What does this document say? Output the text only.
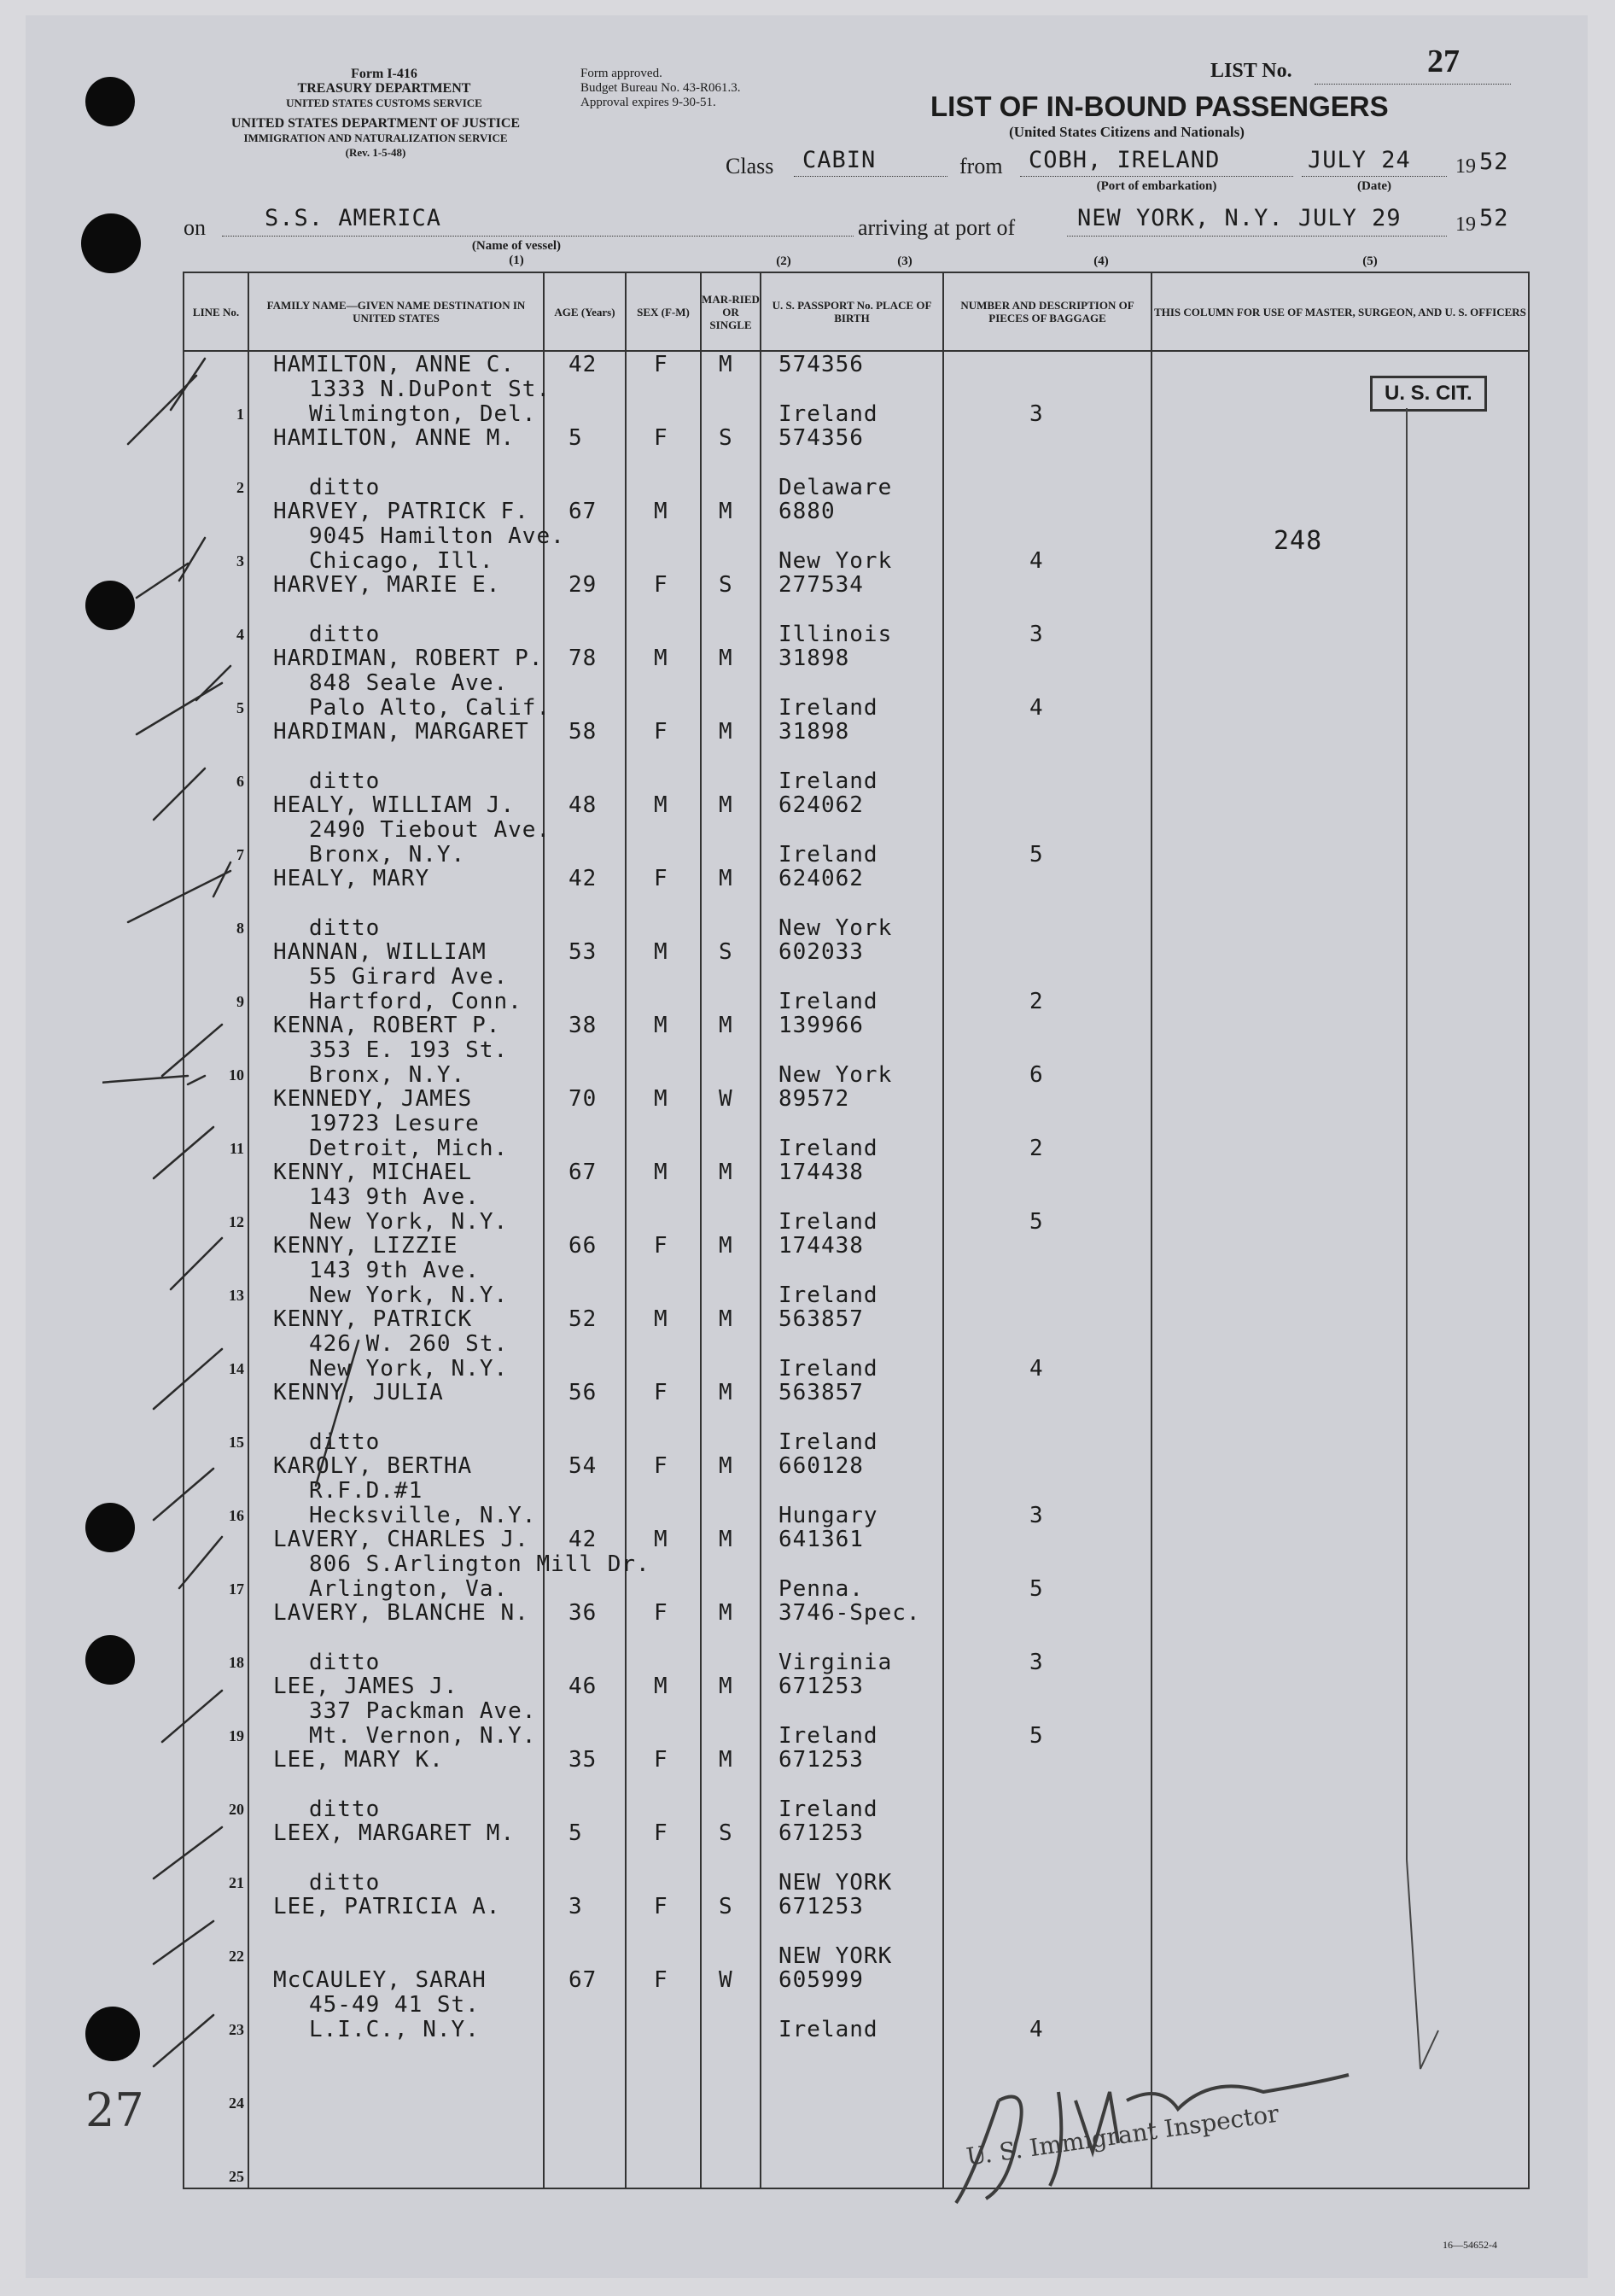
Form I-416
TREASURY DEPARTMENT
UNITED STATES CUSTOMS SERVICE
UNITED STATES DEPARTMENT OF JUSTICE
IMMIGRATION AND NATURALIZATION SERVICE
(Rev. 1-5-48)
Form approved.
Budget Bureau No. 43-R061.3.
Approval expires 9-30-51.
LIST No.	27
LIST OF IN-BOUND PASSENGERS
(United States Citizens and Nationals)
Class CABIN	from COBH, IRELAND
(Port of embarkation)
JULY 24
(Date)
19 52
on	S.S. AMERICA
(Name of vessel)
(1)
arriving at port of	NEW YORK, N.Y. JULY 29	19 52
(2)	(3)	(4)	(5)
LINE No.	FAMILY NAME—GIVEN NAME DESTINATION IN UNITED STATES	AGE (Years)	SEX (F-M)	MAR-RIED OR SINGLE	U. S. PASSPORT No. PLACE OF BIRTH	NUMBER AND DESCRIPTION OF PIECES OF BAGGAGE	THIS COLUMN FOR USE OF MASTER, SURGEON, AND U. S. OFFICERS

1	HAMILTON, ANNE C.
1333 N.DuPont St.
Wilmington, Del.	42	F	M	574356
Ireland	3	

2	HAMILTON, ANNE M.
ditto	5	F	S	574356
Delaware		

3	HARVEY, PATRICK F.
9045 Hamilton Ave.
Chicago, Ill.	67	M	M	6880
New York	4	

4	HARVEY, MARIE E.
ditto	29	F	S	277534
Illinois	3	

5	HARDIMAN, ROBERT P.
848 Seale Ave.
Palo Alto, Calif.	78	M	M	31898
Ireland	4	

6	HARDIMAN, MARGARET
ditto	58	F	M	31898
Ireland		

7	HEALY, WILLIAM J.
2490 Tiebout Ave.
Bronx, N.Y.	48	M	M	624062
Ireland	5	

8	HEALY, MARY
ditto	42	F	M	624062
New York		

9	HANNAN, WILLIAM
55 Girard Ave.
Hartford, Conn.	53	M	S	602033
Ireland	2	

10	KENNA, ROBERT P.
353 E. 193 St.
Bronx, N.Y.	38	M	M	139966
New York	6	

11	KENNEDY, JAMES
19723 Lesure
Detroit, Mich.	70	M	W	89572
Ireland	2	

12	KENNY, MICHAEL
143 9th Ave.
New York, N.Y.	67	M	M	174438
Ireland	5	

13	KENNY, LIZZIE
143 9th Ave.
New York, N.Y.	66	F	M	174438
Ireland		

14	KENNY, PATRICK
426 W. 260 St.
New York, N.Y.	52	M	M	563857
Ireland	4	

15	KENNY, JULIA
ditto	56	F	M	563857
Ireland		

16	KAROLY, BERTHA
R.F.D.#1
Hecksville, N.Y.	54	F	M	660128
Hungary	3	

17	LAVERY, CHARLES J.
806 S.Arlington Mill Dr.
Arlington, Va.	42	M	M	641361
Penna.	5	

18	LAVERY, BLANCHE N.
ditto	36	F	M	3746-Spec.
Virginia	3	

19	LEE, JAMES J.
337 Packman Ave.
Mt. Vernon, N.Y.	46	M	M	671253
Ireland	5	

20	LEE, MARY K.
ditto	35	F	M	671253
Ireland		

21	LEEX, MARGARET M.
ditto	5	F	S	671253
NEW YORK		

22	LEE, PATRICIA A.	3	F	S	671253
NEW YORK		

23	McCAULEY, SARAH
45-49 41 St.
L.I.C., N.Y.	67	F	W	605999
Ireland	4	

24							

25							

U. S. CIT.
248
U. S. Immigrant Inspector
27
16—54652-4
